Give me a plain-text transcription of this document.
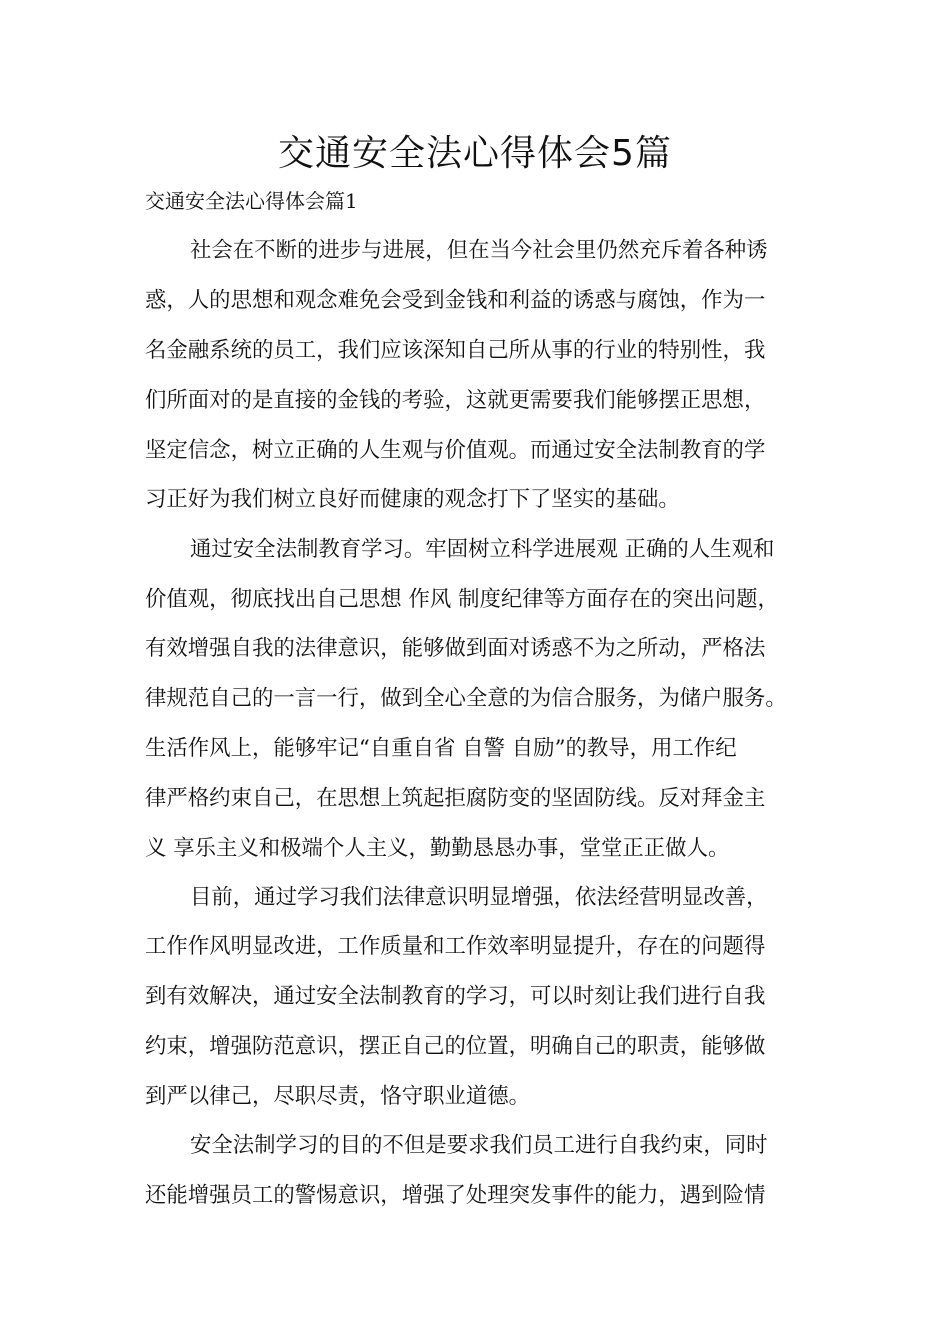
交通安全法心得体会5篇

交通安全法心得体会篇1

社会在不断的进步与进展，但在当今社会里仍然充斥着各种诱

惑，人的思想和观念难免会受到金钱和利益的诱惑与腐蚀，作为一

名金融系统的员工，我们应该深知自己所从事的行业的特别性，我

们所面对的是直接的金钱的考验，这就更需要我们能够摆正思想，

坚定信念，树立正确的人生观与价值观。而通过安全法制教育的学

习正好为我们树立良好而健康的观念打下了坚实的基础。

通过安全法制教育学习。牢固树立科学进展观 正确的人生观和

价值观，彻底找出自己思想 作风 制度纪律等方面存在的突出问题，

有效增强自我的法律意识，能够做到面对诱惑不为之所动，严格法

律规范自己的一言一行，做到全心全意的为信合服务，为储户服务。

生活作风上，能够牢记“自重自省 自警 自励”的教导，用工作纪

律严格约束自己，在思想上筑起拒腐防变的坚固防线。反对拜金主

义 享乐主义和极端个人主义，勤勤恳恳办事，堂堂正正做人。

目前，通过学习我们法律意识明显增强，依法经营明显改善，

工作作风明显改进，工作质量和工作效率明显提升，存在的问题得

到有效解决，通过安全法制教育的学习，可以时刻让我们进行自我

约束，增强防范意识，摆正自己的位置，明确自己的职责，能够做

到严以律己，尽职尽责，恪守职业道德。

安全法制学习的目的不但是要求我们员工进行自我约束，同时

还能增强员工的警惕意识，增强了处理突发事件的能力，遇到险情
